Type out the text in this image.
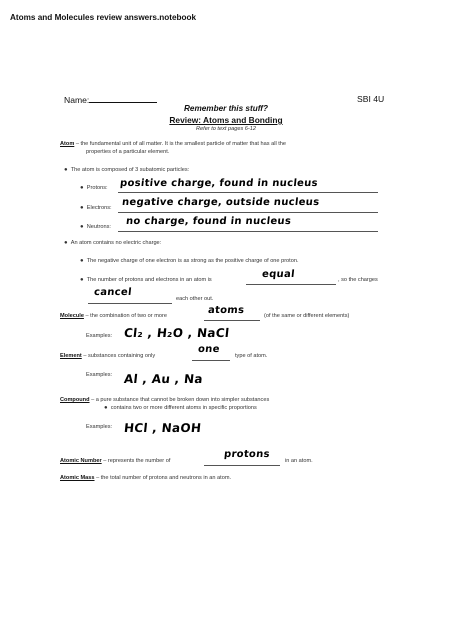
Atoms and Molecules review answers.notebook
Name:	SBI 4U
Remember this stuff?
Review: Atoms and Bonding
Refer to text pages 6-12
Atom – the fundamental unit of all matter. It is the smallest particle of matter that has all the
properties of a particular element.
● The atom is composed of 3 subatomic particles:
● Protons: positive charge, found in nucleus
● Electrons: negative charge, outside nucleus
● Neutrons: no charge, found in nucleus
● An atom contains no electric charge:
● The negative charge of one electron is as strong as the positive charge of one proton.
● The number of protons and electrons in an atom is	equal	, so the charges
cancel
each other out.
Molecule – the combination of two or more	atoms	(of the same or different elements)
Examples: Cl₂ , H₂O , NaCl
Element – substances containing only
one
type of atom.
Examples: Al , Au , Na
Compound – a pure substance that cannot be broken down into simpler substances
● contains two or more different atoms in specific proportions
Examples: HCl , NaOH
Atomic Number – represents the number of
protons
in an atom.
Atomic Mass – the total number of protons and neutrons in an atom.
